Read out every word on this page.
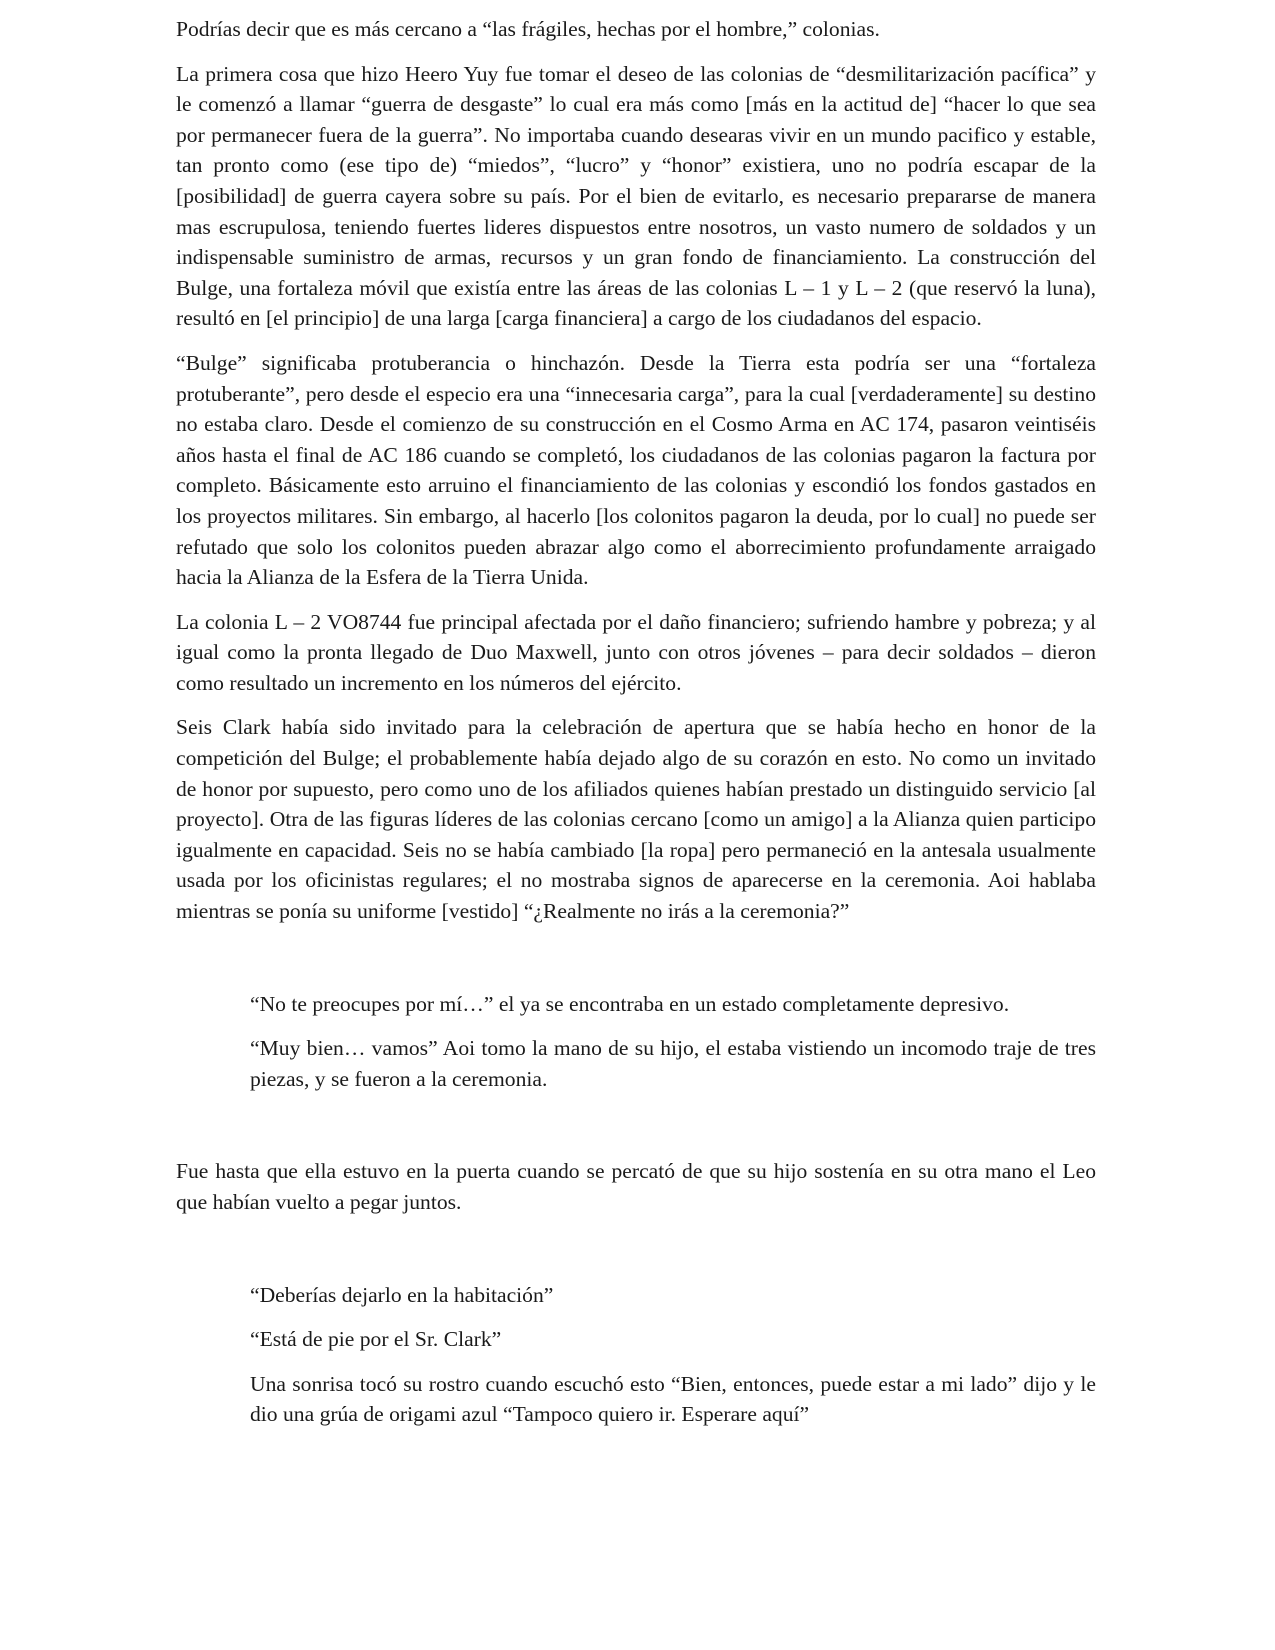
Podrías decir que es más cercano a “las frágiles, hechas por el hombre,” colonias.

La primera cosa que hizo Heero Yuy fue tomar el deseo de las colonias de “desmilitarización pacífica” y le comenzó a llamar “guerra de desgaste” lo cual era más como [más en la actitud de] “hacer lo que sea por permanecer fuera de la guerra”. No importaba cuando desearas vivir en un mundo pacifico y estable, tan pronto como (ese tipo de) “miedos”, “lucro” y “honor” existiera, uno no podría escapar de la [posibilidad] de guerra cayera sobre su país. Por el bien de evitarlo, es necesario prepararse de manera mas escrupulosa, teniendo fuertes lideres dispuestos entre nosotros, un vasto numero de soldados y un indispensable suministro de armas, recursos y un gran fondo de financiamiento. La construcción del Bulge, una fortaleza móvil que existía entre las áreas de las colonias L – 1 y L – 2 (que reservó la luna), resultó en [el principio] de una larga [carga financiera] a cargo de los ciudadanos del espacio.

“Bulge” significaba protuberancia o hinchazón. Desde la Tierra esta podría ser una “fortaleza protuberante”, pero desde el especio era una “innecesaria carga”, para la cual [verdaderamente] su destino no estaba claro. Desde el comienzo de su construcción en el Cosmo Arma en AC 174, pasaron veintiséis años hasta el final de AC 186 cuando se completó, los ciudadanos de las colonias pagaron la factura por completo. Básicamente esto arruino el financiamiento de las colonias y escondió los fondos gastados en los proyectos militares. Sin embargo, al hacerlo [los colonitos pagaron la deuda, por lo cual] no puede ser refutado que solo los colonitos pueden abrazar algo como el aborrecimiento profundamente arraigado hacia la Alianza de la Esfera de la Tierra Unida.

La colonia L – 2 VO8744 fue principal afectada por el daño financiero; sufriendo hambre y pobreza; y al igual como la pronta llegado de Duo Maxwell, junto con otros jóvenes – para decir soldados – dieron como resultado un incremento en los números del ejército.

Seis Clark había sido invitado para la celebración de apertura que se había hecho en honor de la competición del Bulge; el probablemente había dejado algo de su corazón en esto. No como un invitado de honor por supuesto, pero como uno de los afiliados quienes habían prestado un distinguido servicio [al proyecto]. Otra de las figuras líderes de las colonias cercano [como un amigo] a la Alianza quien participo igualmente en capacidad. Seis no se había cambiado [la ropa] pero permaneció en la antesala usualmente usada por los oficinistas regulares; el no mostraba signos de aparecerse en la ceremonia. Aoi hablaba mientras se ponía su uniforme [vestido] “¿Realmente no irás a la ceremonia?”

“No te preocupes por mí…” el ya se encontraba en un estado completamente depresivo.

“Muy bien… vamos” Aoi tomo la mano de su hijo, el estaba vistiendo un incomodo traje de tres piezas, y se fueron a la ceremonia.

Fue hasta que ella estuvo en la puerta cuando se percató de que su hijo sostenía en su otra mano el Leo que habían vuelto a pegar juntos.

“Deberías dejarlo en la habitación”

“Está de pie por el Sr. Clark”

Una sonrisa tocó su rostro cuando escuchó esto “Bien, entonces, puede estar a mi lado” dijo y le dio una grúa de origami azul “Tampoco quiero ir. Esperare aquí”
